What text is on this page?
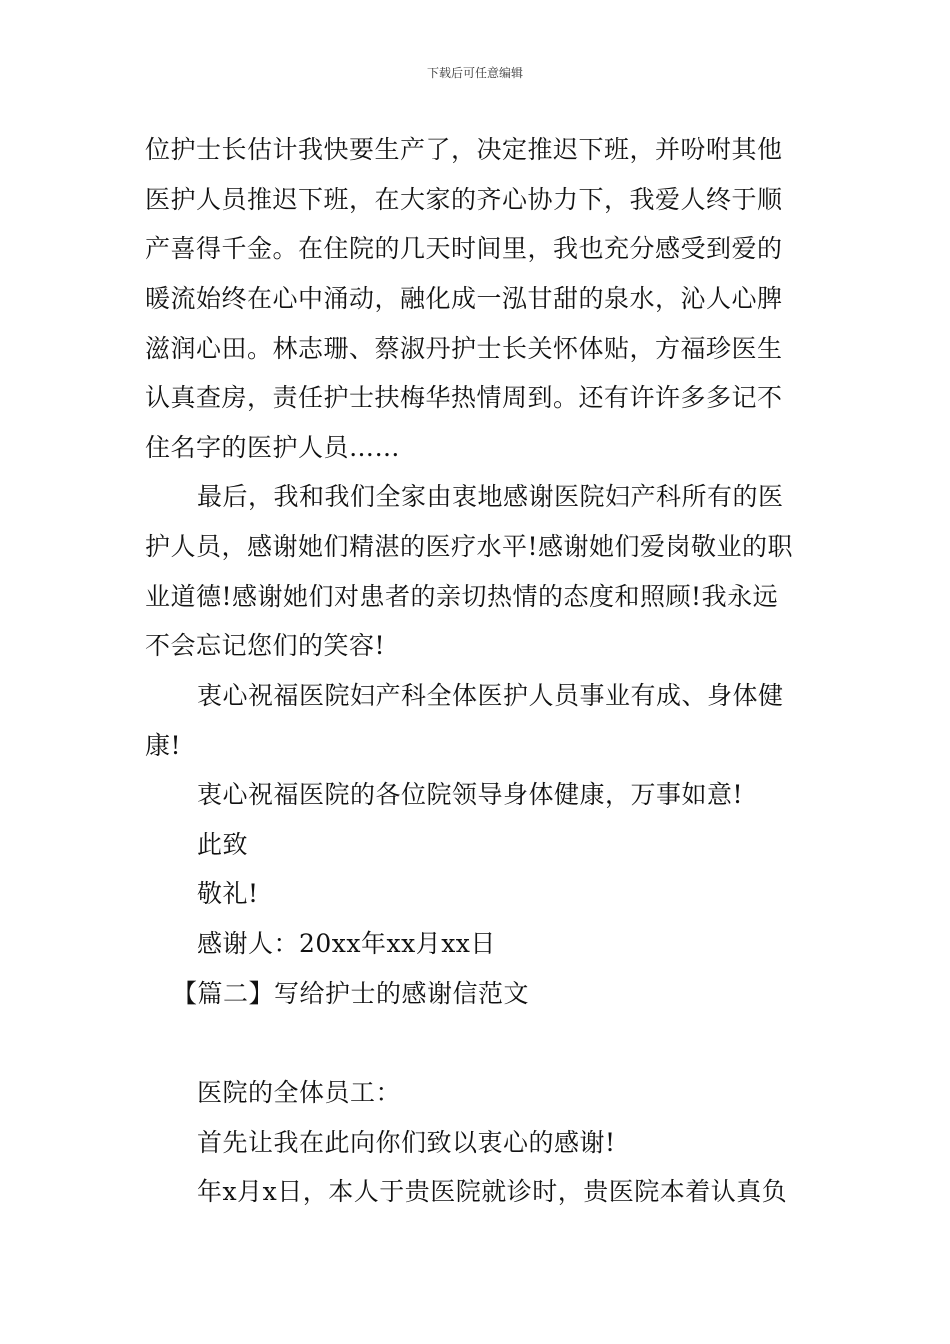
下载后可任意编辑
位护士长估计我快要生产了，决定推迟下班，并吩咐其他
医护人员推迟下班，在大家的齐心协力下，我爱人终于顺
产喜得千金。在住院的几天时间里，我也充分感受到爱的
暖流始终在心中涌动，融化成一泓甘甜的泉水，沁人心脾
滋润心田。林志珊、蔡淑丹护士长关怀体贴，方福珍医生
认真查房，责任护士扶梅华热情周到。还有许许多多记不
住名字的医护人员……
最后，我和我们全家由衷地感谢医院妇产科所有的医
护人员，感谢她们精湛的医疗水平!感谢她们爱岗敬业的职
业道德!感谢她们对患者的亲切热情的态度和照顾!我永远
不会忘记您们的笑容!
衷心祝福医院妇产科全体医护人员事业有成、身体健
康!
衷心祝福医院的各位院领导身体健康，万事如意!
此致
敬礼!
感谢人：20xx年xx月xx日
【篇二】写给护士的感谢信范文
医院的全体员工：
首先让我在此向你们致以衷心的感谢!
年x月x日，本人于贵医院就诊时，贵医院本着认真负
